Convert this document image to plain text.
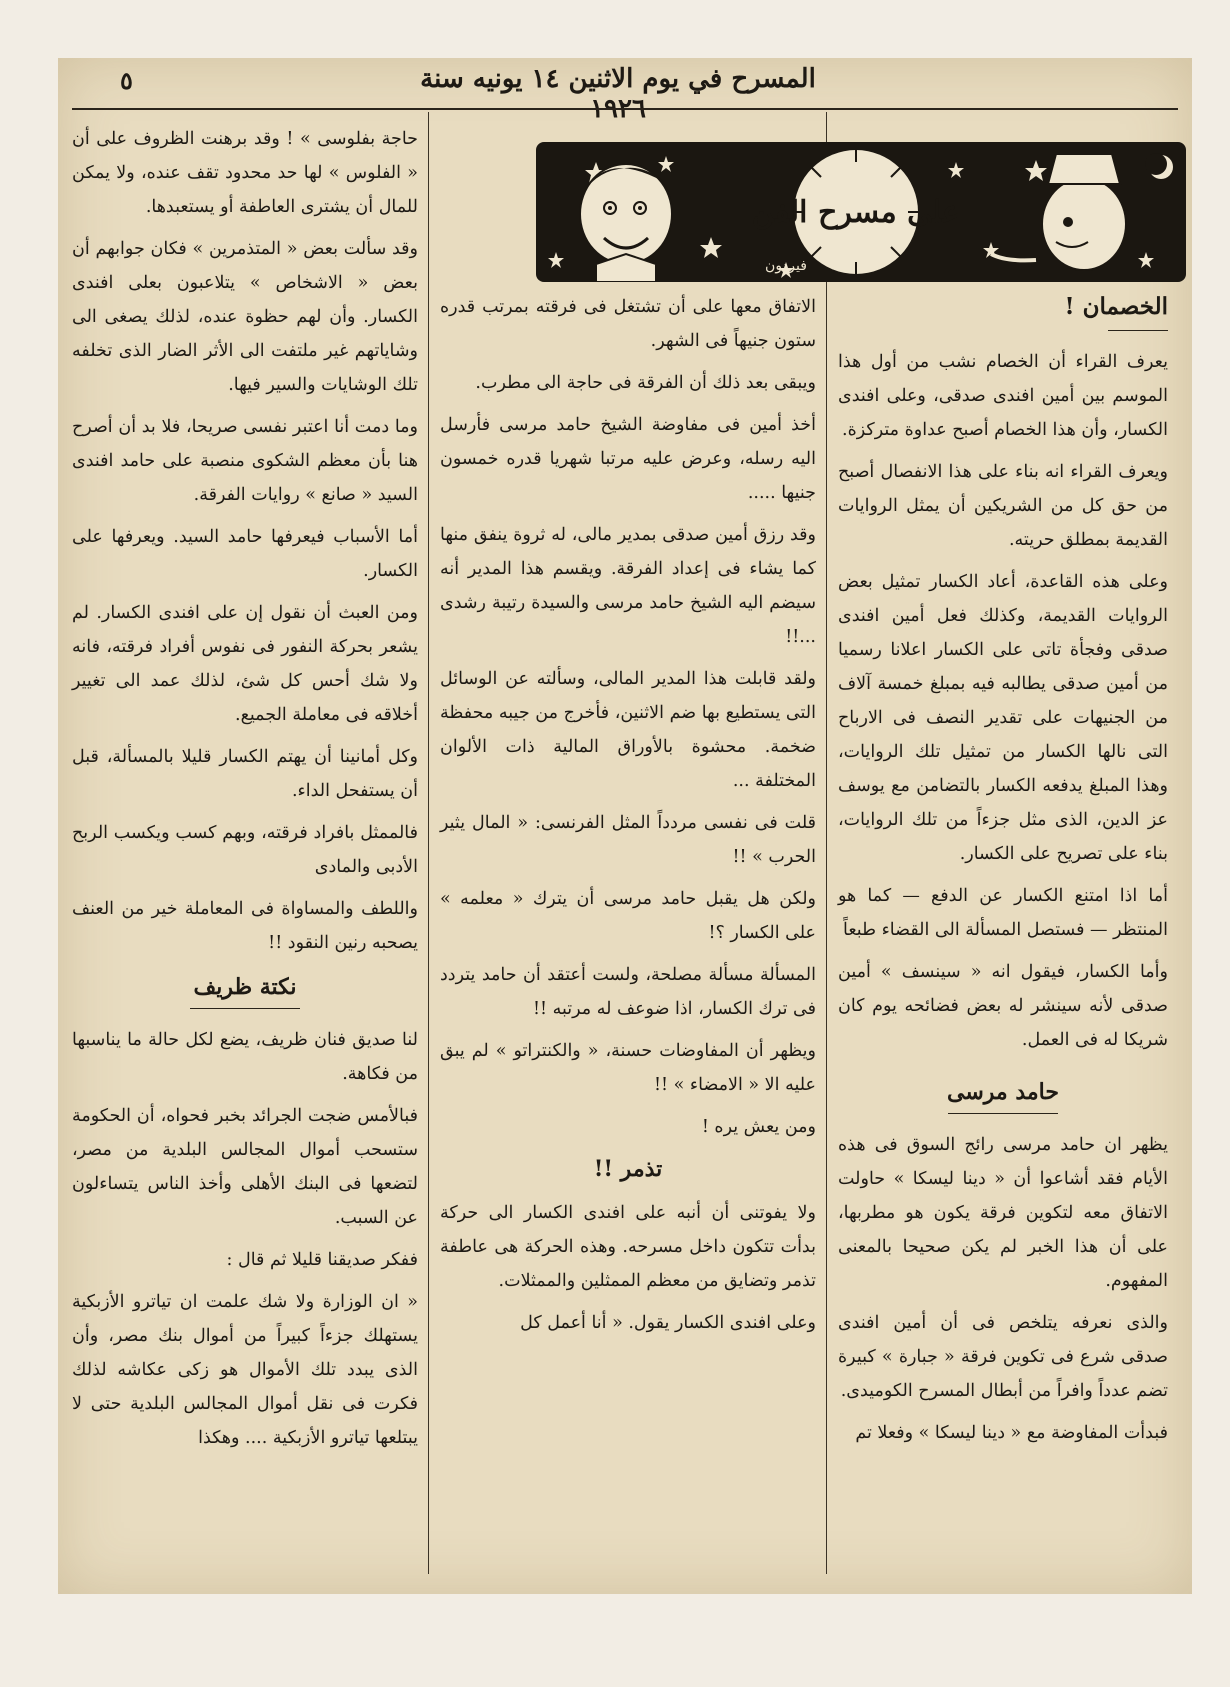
المسرح في يوم الاثنين ١٤ يونيه سنة ١٩٢٦
٥
على مسرح الفن
فيردون
الخصمان !

يعرف القراء أن الخصام نشب من أول هذا الموسم بين أمين افندى صدقى، وعلى افندى الكسار، وأن هذا الخصام أصبح عداوة متركزة.

ويعرف القراء انه بناء على هذا الانفصال أصبح من حق كل من الشريكين أن يمثل الروايات القديمة بمطلق حريته.

وعلى هذه القاعدة، أعاد الكسار تمثيل بعض الروايات القديمة، وكذلك فعل أمين افندى صدقى وفجأة تاتى على الكسار اعلانا رسميا من أمين صدقى يطالبه فيه بمبلغ خمسة آلاف من الجنيهات على تقدير النصف فى الارباح التى نالها الكسار من تمثيل تلك الروايات، وهذا المبلغ يدفعه الكسار بالتضامن مع يوسف عز الدين، الذى مثل جزءاً من تلك الروايات، بناء على تصريح على الكسار.

أما اذا امتنع الكسار عن الدفع — كما هو المنتظر — فستصل المسألة الى القضاء طبعاً

وأما الكسار، فيقول انه « سينسف » أمين صدقى لأنه سينشر له بعض فضائحه يوم كان شريكا له فى العمل.

حامد مرسى

يظهر ان حامد مرسى رائج السوق فى هذه الأيام فقد أشاعوا أن « دينا ليسكا » حاولت الاتفاق معه لتكوين فرقة يكون هو مطربها، على أن هذا الخبر لم يكن صحيحا بالمعنى المفهوم.

والذى نعرفه يتلخص فى أن أمين افندى صدقى شرع فى تكوين فرقة « جبارة » كبيرة تضم عدداً وافراً من أبطال المسرح الكوميدى.

فبدأت المفاوضة مع « دينا ليسكا » وفعلا تم

الاتفاق معها على أن تشتغل فى فرقته بمرتب قدره ستون جنيهاً فى الشهر.

ويبقى بعد ذلك أن الفرقة فى حاجة الى مطرب.

أخذ أمين فى مفاوضة الشيخ حامد مرسى فأرسل اليه رسله، وعرض عليه مرتبا شهريا قدره خمسون جنيها .....

وقد رزق أمين صدقى بمدير مالى، له ثروة ينفق منها كما يشاء فى إعداد الفرقة. ويقسم هذا المدير أنه سيضم اليه الشيخ حامد مرسى والسيدة رتيبة رشدى ...!!

ولقد قابلت هذا المدير المالى، وسألته عن الوسائل التى يستطيع بها ضم الاثنين، فأخرج من جيبه محفظة ضخمة. محشوة بالأوراق المالية ذات الألوان المختلفة ...

قلت فى نفسى مردداً المثل الفرنسى: « المال يثير الحرب » !!

ولكن هل يقبل حامد مرسى أن يترك « معلمه » على الكسار ؟!

المسألة مسألة مصلحة، ولست أعتقد أن حامد يتردد فى ترك الكسار، اذا ضوعف له مرتبه !!

ويظهر أن المفاوضات حسنة، « والكنتراتو » لم يبق عليه الا « الامضاء » !!

ومن يعش يره !

تذمر !!

ولا يفوتنى أن أنبه على افندى الكسار الى حركة بدأت تتكون داخل مسرحه. وهذه الحركة هى عاطفة تذمر وتضايق من معظم الممثلين والممثلات.

وعلى افندى الكسار يقول. « أنا أعمل كل

حاجة بفلوسى » ! وقد برهنت الظروف على أن « الفلوس » لها حد محدود تقف عنده، ولا يمكن للمال أن يشترى العاطفة أو يستعبدها.

وقد سألت بعض « المتذمرين » فكان جوابهم أن بعض « الاشخاص » يتلاعبون بعلى افندى الكسار. وأن لهم حظوة عنده، لذلك يصغى الى وشاياتهم غير ملتفت الى الأثر الضار الذى تخلفه تلك الوشايات والسير فيها.

وما دمت أنا اعتبر نفسى صريحا، فلا بد أن أصرح هنا بأن معظم الشكوى منصبة على حامد افندى السيد « صانع » روايات الفرقة.

أما الأسباب فيعرفها حامد السيد. ويعرفها على الكسار.

ومن العبث أن نقول إن على افندى الكسار. لم يشعر بحركة النفور فى نفوس أفراد فرقته، فانه ولا شك أحس كل شئ، لذلك عمد الى تغيير أخلاقه فى معاملة الجميع.

وكل أمانينا أن يهتم الكسار قليلا بالمسألة، قبل أن يستفحل الداء.

فالممثل بافراد فرقته، وبهم كسب ويكسب الربح الأدبى والمادى

واللطف والمساواة فى المعاملة خير من العنف يصحبه رنين النقود !!

نكتة ظريف

لنا صديق فنان ظريف، يضع لكل حالة ما يناسبها من فكاهة.

فبالأمس ضجت الجرائد بخبر فحواه، أن الحكومة ستسحب أموال المجالس البلدية من مصر، لتضعها فى البنك الأهلى وأخذ الناس يتساءلون عن السبب.

ففكر صديقنا قليلا ثم قال :

« ان الوزارة ولا شك علمت ان تياترو الأزبكية يستهلك جزءاً كبيراً من أموال بنك مصر، وأن الذى يبدد تلك الأموال هو زكى عكاشه لذلك فكرت فى نقل أموال المجالس البلدية حتى لا يبتلعها تياترو الأزبكية .... وهكذا
